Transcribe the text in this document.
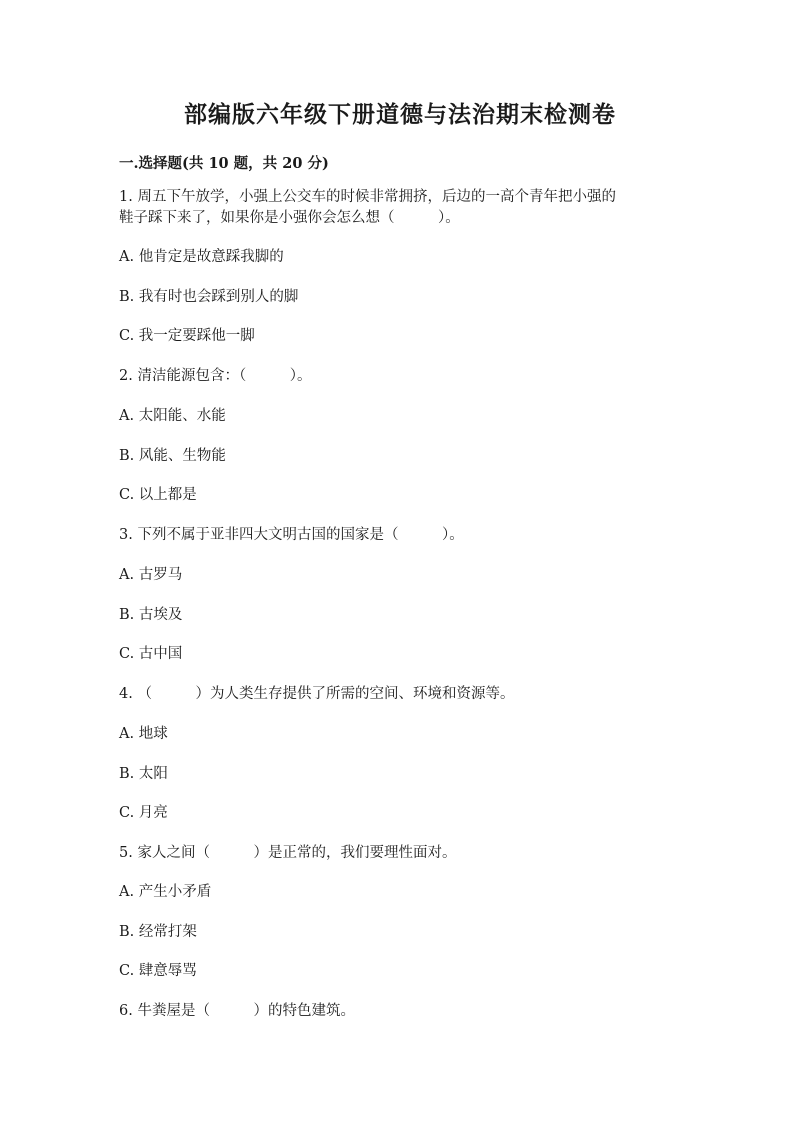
部编版六年级下册道德与法治期末检测卷
一.选择题(共 10 题，共 20 分)

1. 周五下午放学，小强上公交车的时候非常拥挤，后边的一高个青年把小强的

鞋子踩下来了，如果你是小强你会怎么想（　　　）。

A. 他肯定是故意踩我脚的

B. 我有时也会踩到别人的脚

C. 我一定要踩他一脚

2. 清洁能源包含：（　　　）。

A. 太阳能、水能

B. 风能、生物能

C. 以上都是

3. 下列不属于亚非四大文明古国的国家是（　　　）。

A. 古罗马

B. 古埃及

C. 古中国

4. （　　　）为人类生存提供了所需的空间、环境和资源等。

A. 地球

B. 太阳

C. 月亮

5. 家人之间（　　　）是正常的，我们要理性面对。

A. 产生小矛盾

B. 经常打架

C. 肆意辱骂

6. 牛粪屋是（　　　）的特色建筑。
